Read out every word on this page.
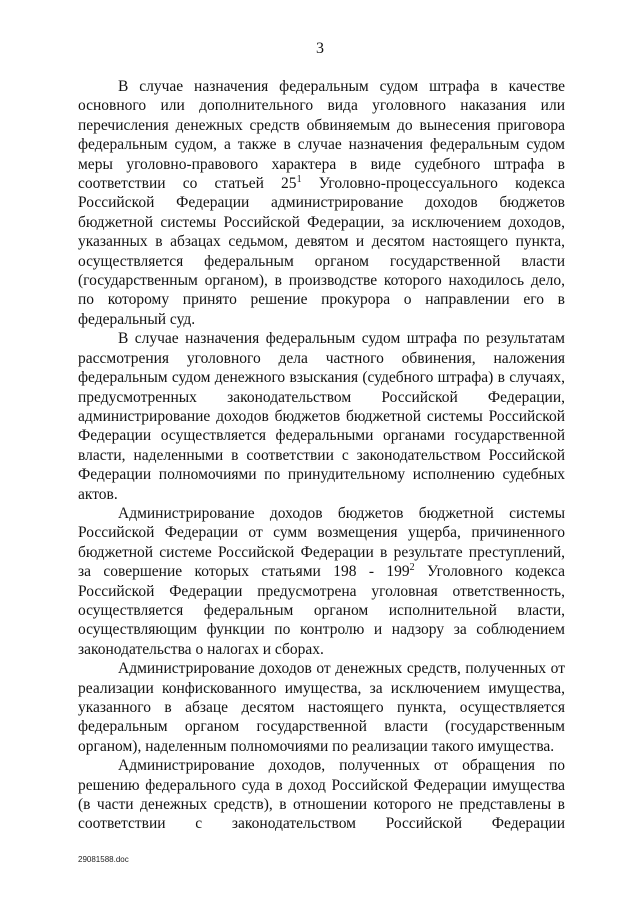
3

В случае назначения федеральным судом штрафа в качестве основного или дополнительного вида уголовного наказания или перечисления денежных средств обвиняемым до вынесения приговора федеральным судом, а также в случае назначения федеральным судом меры уголовно-правового характера в виде судебного штрафа в соответствии со статьей $25^1$ Уголовно-процессуального кодекса Российской Федерации администрирование доходов бюджетов бюджетной системы Российской Федерации, за исключением доходов, указанных в абзацах седьмом, девятом и десятом настоящего пункта, осуществляется федеральным органом государственной власти (государственным органом), в производстве которого находилось дело, по которому принято решение прокурора о направлении его в федеральный суд.

В случае назначения федеральным судом штрафа по результатам рассмотрения уголовного дела частного обвинения, наложения федеральным судом денежного взыскания (судебного штрафа) в случаях, предусмотренных законодательством Российской Федерации, администрирование доходов бюджетов бюджетной системы Российской Федерации осуществляется федеральными органами государственной власти, наделенными в соответствии с законодательством Российской Федерации полномочиями по принудительному исполнению судебных актов.

Администрирование доходов бюджетов бюджетной системы Российской Федерации от сумм возмещения ущерба, причиненного бюджетной системе Российской Федерации в результате преступлений, за совершение которых статьями $198 - 199^2$ Уголовного кодекса Российской Федерации предусмотрена уголовная ответственность, осуществляется федеральным органом исполнительной власти, осуществляющим функции по контролю и надзору за соблюдением законодательства о налогах и сборах.

Администрирование доходов от денежных средств, полученных от реализации конфискованного имущества, за исключением имущества, указанного в абзаце десятом настоящего пункта, осуществляется федеральным органом государственной власти (государственным органом), наделенным полномочиями по реализации такого имущества.

Администрирование доходов, полученных от обращения по решению федерального суда в доход Российской Федерации имущества (в части денежных средств), в отношении которого не представлены в соответствии с законодательством Российской Федерации

29081588.doc
